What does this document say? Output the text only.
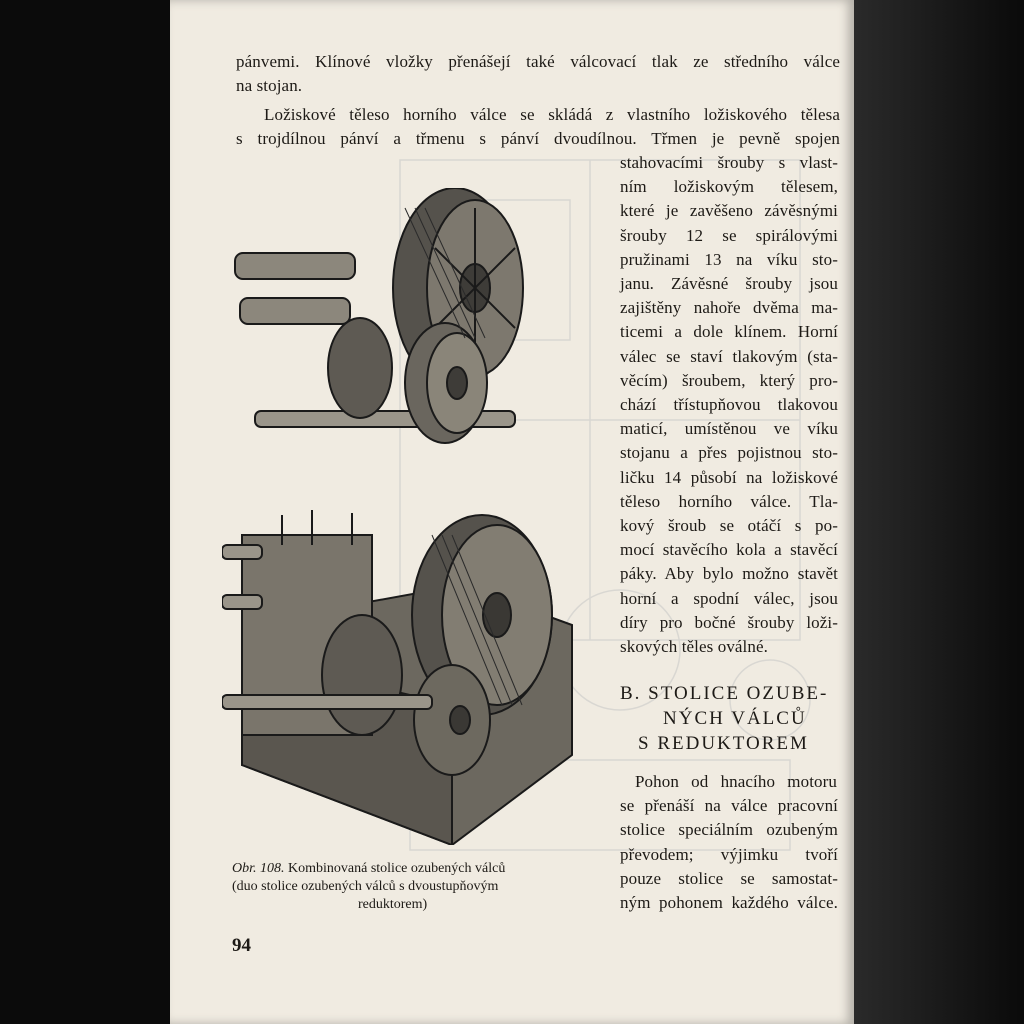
pánvemi. Klínové vložky přenášejí také válcovací tlak ze středního válce
na stojan.
Ložiskové těleso horního válce se skládá z vlastního ložiskového tělesa
s trojdílnou pánví a třmenu s pánví dvoudílnou. Třmen je pevně spojen
stahovacími šrouby s vlast-
ním ložiskovým tělesem,
které je zavěšeno závěsnými
šrouby 12 se spirálovými
pružinami 13 na víku sto-
janu. Závěsné šrouby jsou
zajištěny nahoře dvěma ma-
ticemi a dole klínem. Horní
válec se staví tlakovým (sta-
věcím) šroubem, který pro-
chází třístupňovou tlakovou
maticí, umístěnou ve víku
stojanu a přes pojistnou sto-
ličku 14 působí na ložiskové
těleso horního válce. Tla-
kový šroub se otáčí s po-
mocí stavěcího kola a stavěcí
páky. Aby bylo možno stavět
horní a spodní válec, jsou
díry pro bočné šrouby loži-
skových těles oválné.
B. STOLICE OZUBE-
NÝCH VÁLCŮ
S REDUKTOREM
Pohon od hnacího motoru
se přenáší na válce pracovní
stolice speciálním ozubeným
převodem; výjimku tvoří
pouze stolice se samostat-
ným pohonem každého válce.
Obr. 108. Kombinovaná stolice ozubených válců
(duo stolice ozubených válců s dvoustupňovým
reduktorem)
94
